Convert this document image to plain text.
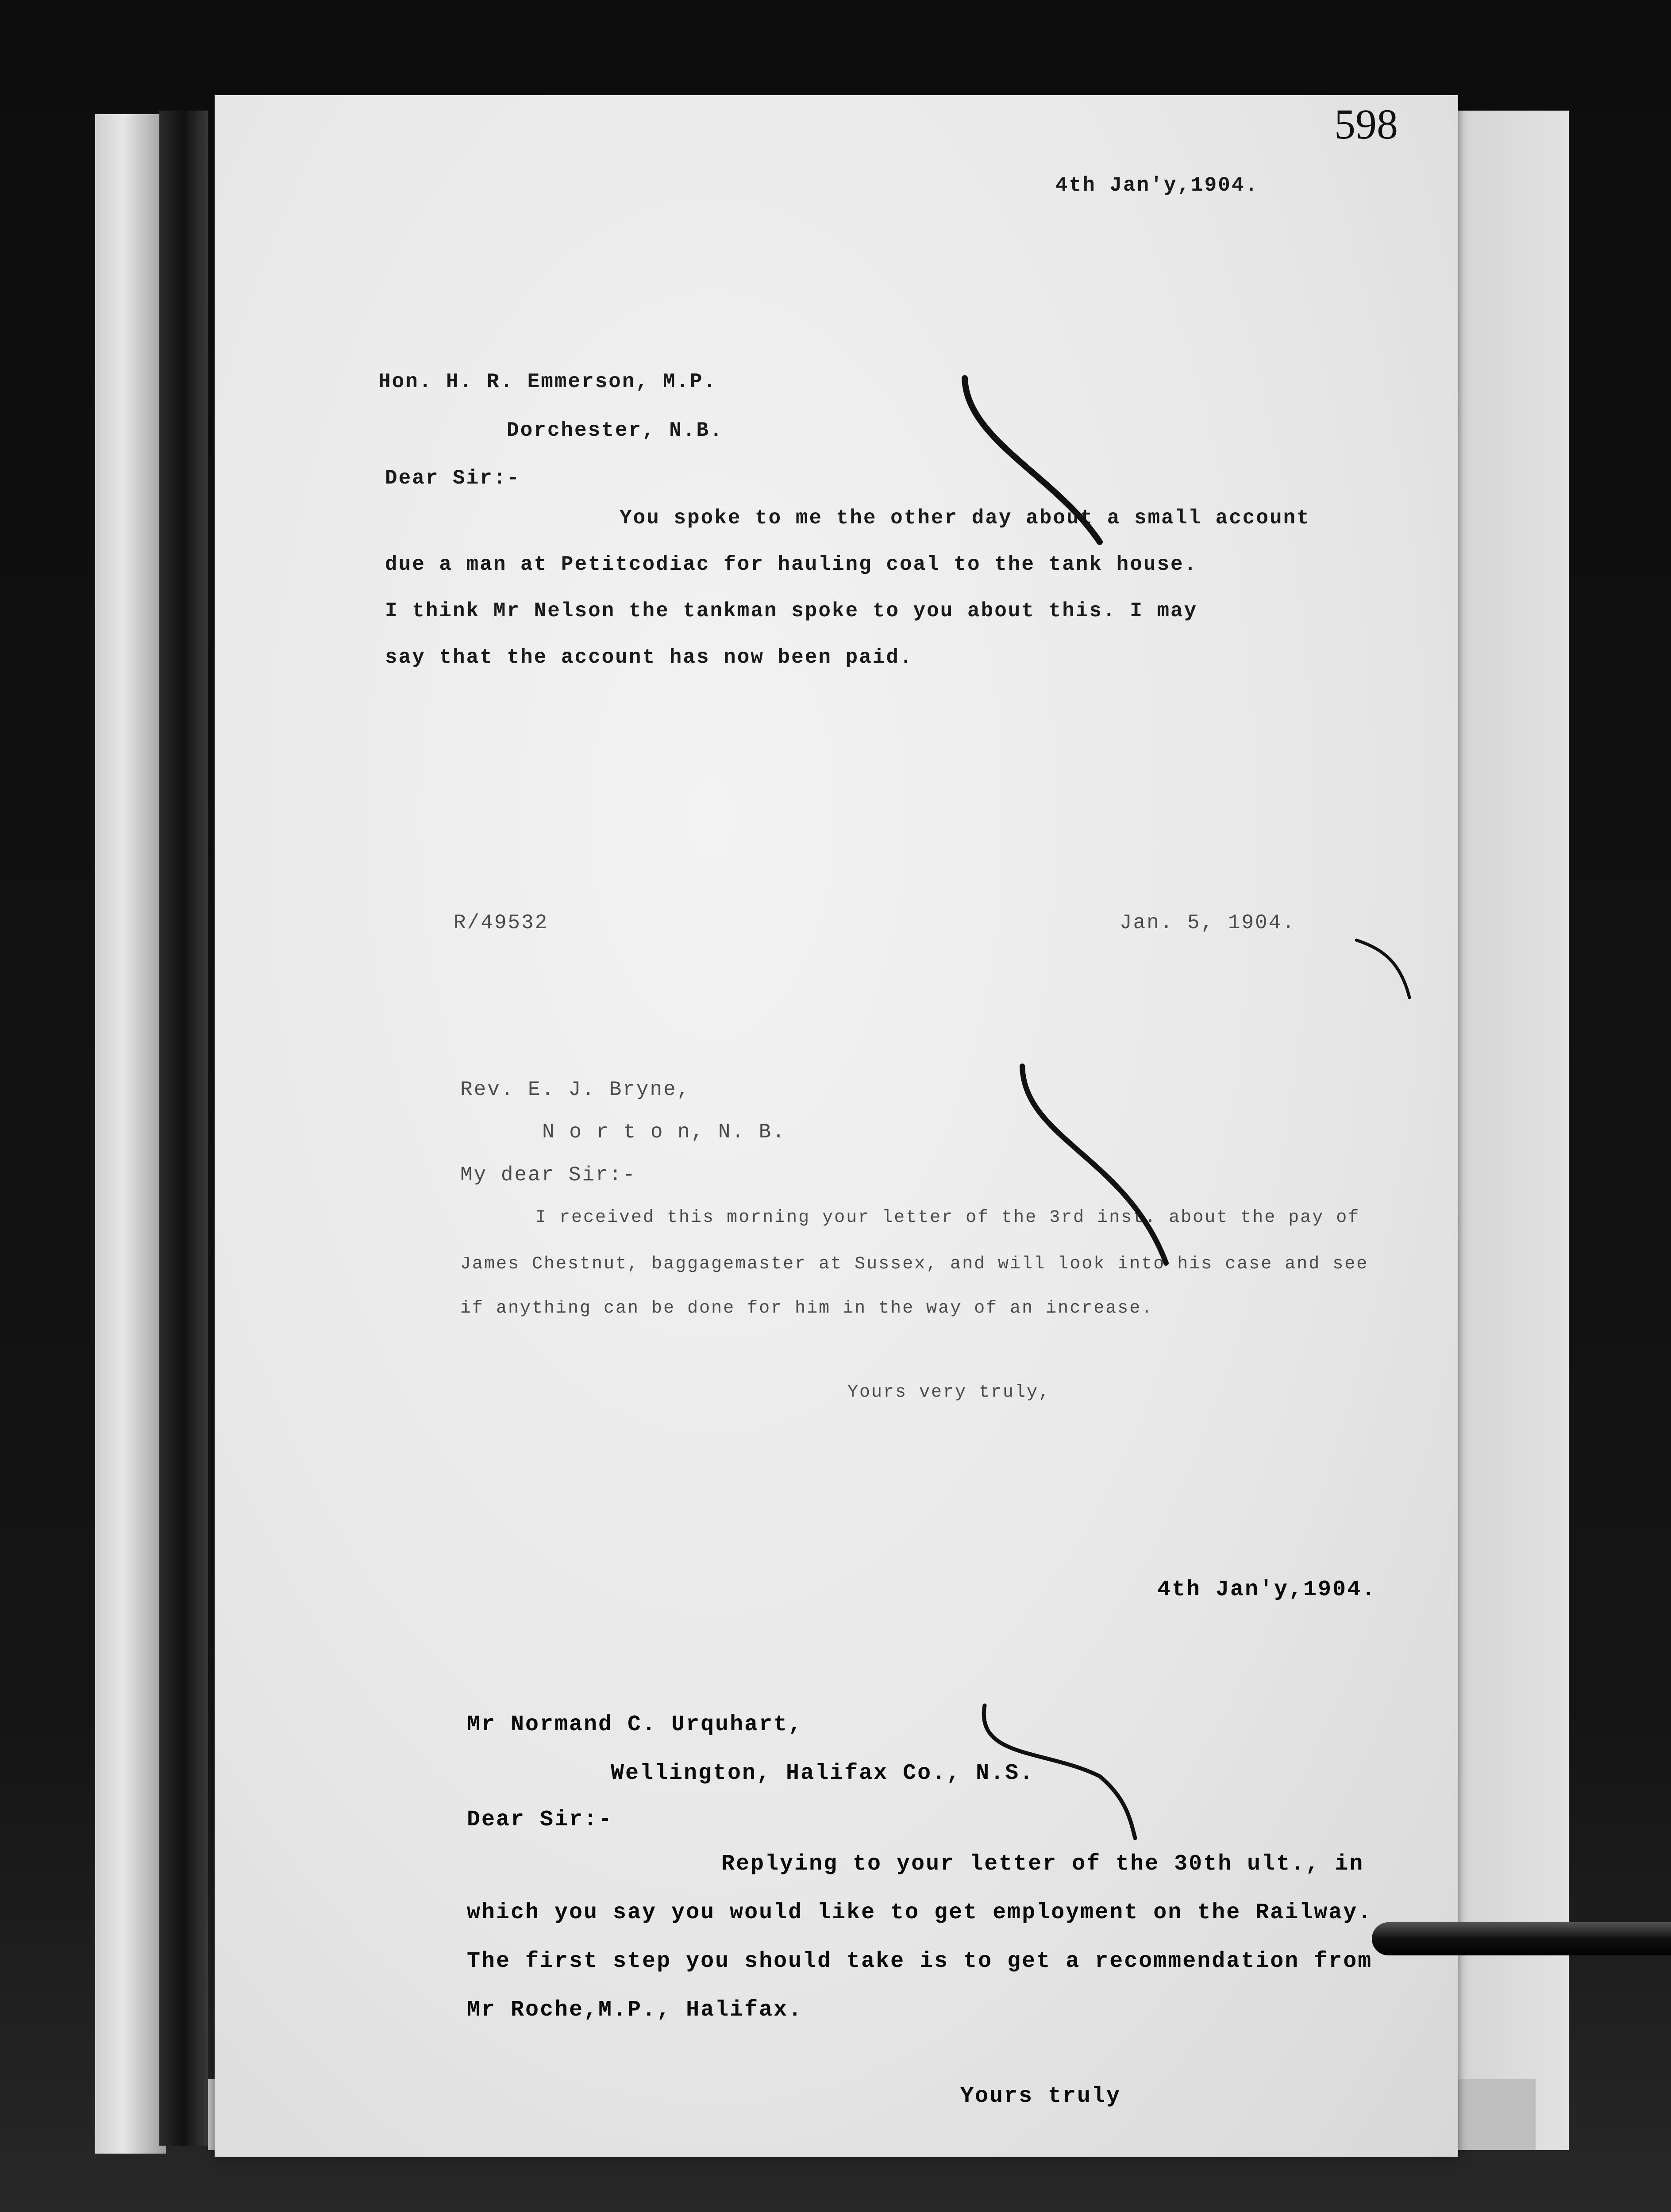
598
4th Jan'y,1904.
Hon. H. R. Emmerson, M.P.
Dorchester, N.B.
Dear Sir:-
You spoke to me the other day about a small account
due a man at Petitcodiac for hauling coal to the tank house.
I think Mr Nelson the tankman spoke to you about this. I may
say that the account has now been paid.
R/49532	Jan. 5, 1904.
Rev. E. J. Bryne,
N o r t o n, N. B.
My dear Sir:-
I received this morning your letter of the 3rd inst. about the pay of
James Chestnut, baggagemaster at Sussex, and will look into his case and see
if anything can be done for him in the way of an increase.
Yours very truly,
4th Jan'y,1904.
Mr Normand C. Urquhart,
Wellington, Halifax Co., N.S.
Dear Sir:-
Replying to your letter of the 30th ult., in
which you say you would like to get employment on the Railway.
The first step you should take is to get a recommendation from
Mr Roche,M.P., Halifax.
Yours truly
